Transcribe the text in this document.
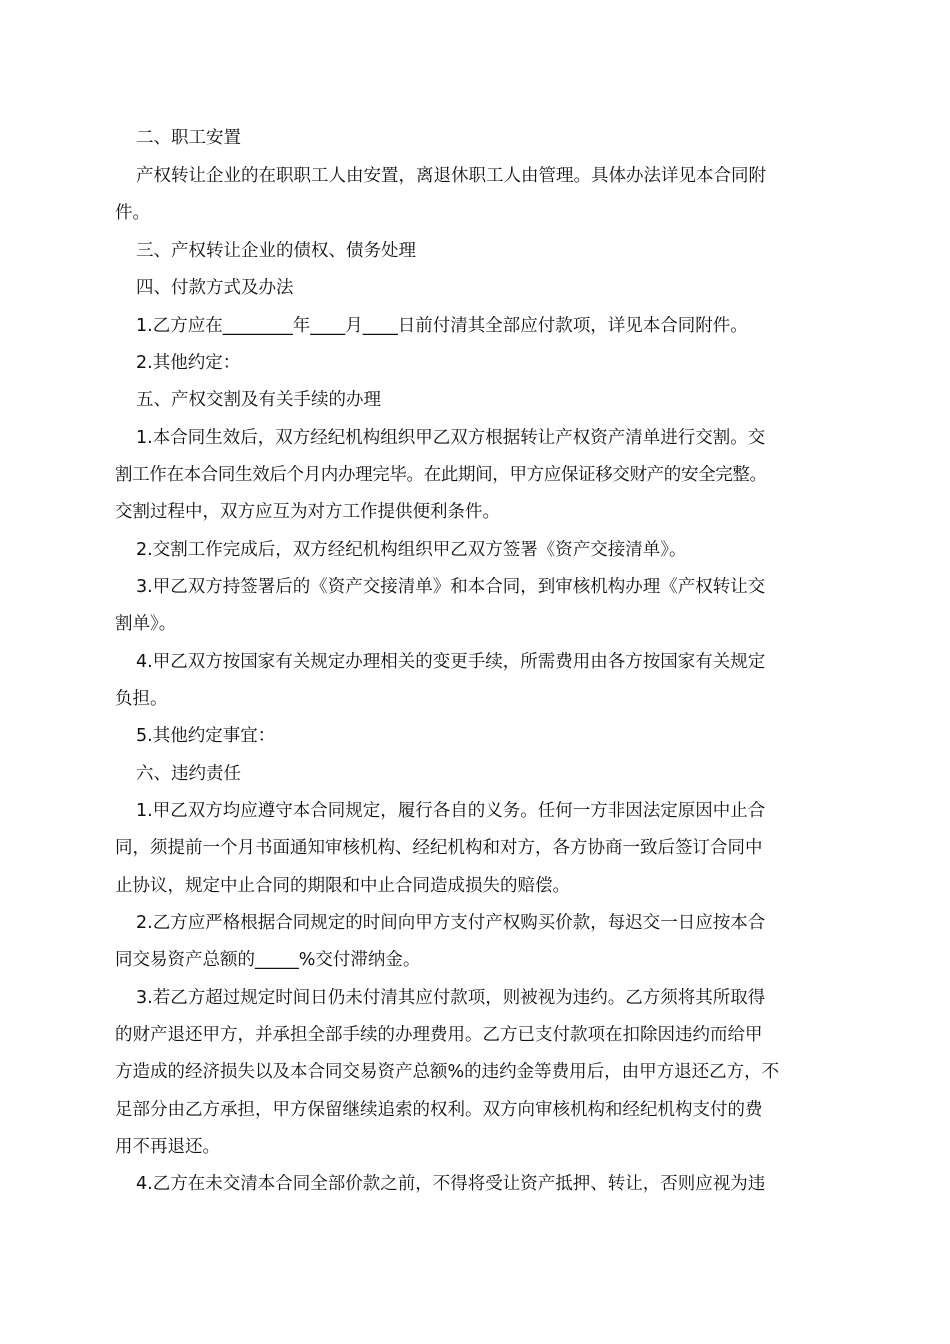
二、职工安置
产权转让企业的在职职工人由安置，离退休职工人由管理。具体办法详见本合同附
件。
三、产权转让企业的债权、债务处理
四、付款方式及办法
1.乙方应在________年____月____日前付清其全部应付款项，详见本合同附件。
2.其他约定：
五、产权交割及有关手续的办理
1.本合同生效后，双方经纪机构组织甲乙双方根据转让产权资产清单进行交割。交
割工作在本合同生效后个月内办理完毕。在此期间，甲方应保证移交财产的安全完整。
交割过程中，双方应互为对方工作提供便利条件。
2.交割工作完成后，双方经纪机构组织甲乙双方签署《资产交接清单》。
3.甲乙双方持签署后的《资产交接清单》和本合同，到审核机构办理《产权转让交
割单》。
4.甲乙双方按国家有关规定办理相关的变更手续，所需费用由各方按国家有关规定
负担。
5.其他约定事宜：
六、违约责任
1.甲乙双方均应遵守本合同规定，履行各自的义务。任何一方非因法定原因中止合
同，须提前一个月书面通知审核机构、经纪机构和对方，各方协商一致后签订合同中
止协议，规定中止合同的期限和中止合同造成损失的赔偿。
2.乙方应严格根据合同规定的时间向甲方支付产权购买价款，每迟交一日应按本合
同交易资产总额的_____%交付滞纳金。
3.若乙方超过规定时间日仍未付清其应付款项，则被视为违约。乙方须将其所取得
的财产退还甲方，并承担全部手续的办理费用。乙方已支付款项在扣除因违约而给甲
方造成的经济损失以及本合同交易资产总额%的违约金等费用后，由甲方退还乙方，不
足部分由乙方承担，甲方保留继续追索的权利。双方向审核机构和经纪机构支付的费
用不再退还。
4.乙方在未交清本合同全部价款之前，不得将受让资产抵押、转让，否则应视为违
